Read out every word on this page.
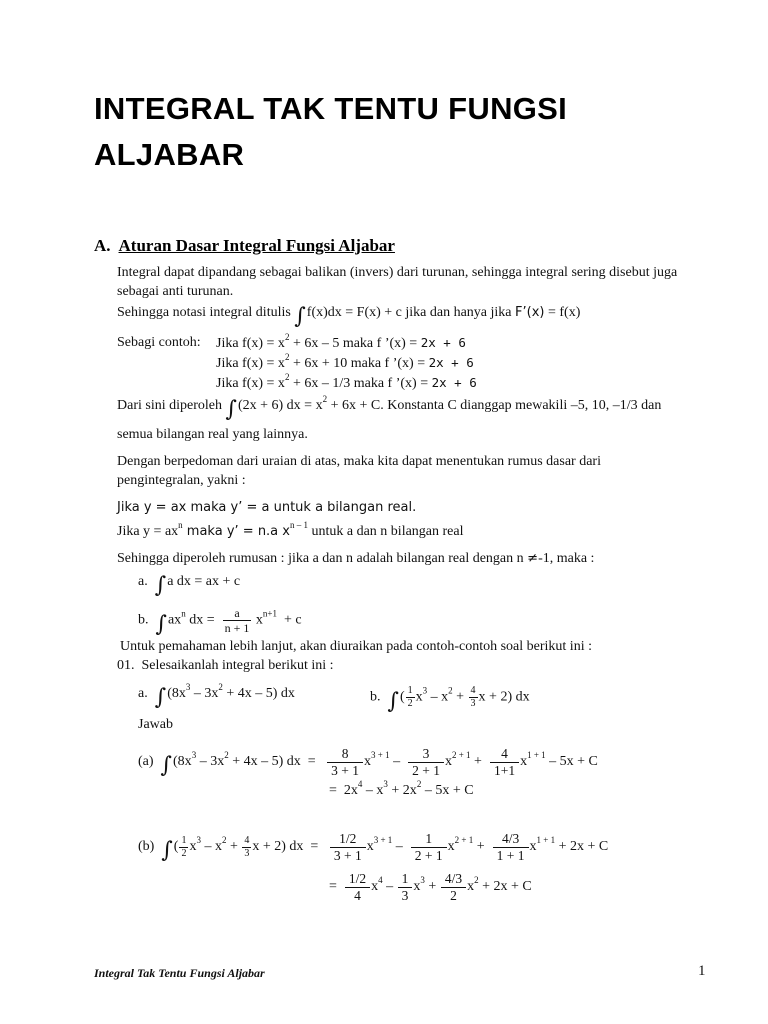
INTEGRAL TAK TENTU FUNGSI ALJABAR
A. Aturan Dasar Integral Fungsi Aljabar
Integral dapat dipandang sebagai balikan (invers) dari turunan, sehingga integral sering disebut juga sebagai anti turunan.
Sehingga notasi integral ditulis ∫f(x)dx = F(x) + c jika dan hanya jika F’(x) = f(x)
Sebagi contoh: Jika $f(x) = x^2 + 6x - 5$ maka f ’(x) = 2x + 6
Jika $f(x) = x^2 + 6x + 10$ maka f ’(x) = 2x + 6
Jika $f(x) = x^2 + 6x - 1/3$ maka f ’(x) = 2x + 6
Dari sini diperoleh ∫(2x + 6) dx = $x^2 + 6x + C$. Konstanta C dianggap mewakili –5, 10, –1/3 dan
semua bilangan real yang lainnya.
Dengan berpedoman dari uraian di atas, maka kita dapat menentukan rumus dasar dari pengintegralan, yakni :
Jika y = ax maka y’ = a untuk a bilangan real.
Jika $y = ax^n$ maka y’ = n.a $x^{n - 1}$ untuk a dan n bilangan real
Sehingga diperoleh rumusan : jika a dan n adalah bilangan real dengan n ≠-1, maka :
a. ∫a dx = ax + c
b. $\int ax^n$ dx = $\frac{a}{n + 1} x^{n+1} + c$
Untuk pemahaman lebih lanjut, akan diuraikan pada contoh-contoh soal berikut ini :
01. Selesaikanlah integral berikut ini :
a. $\int(8x^3 - 3x^2 + 4x - 5)$ dx	b. ∫( $\frac{1}{2} x^3 - x^2 + \frac{4}{3}$ x + 2) dx
Jawab
(a) $\int(8x^3 - 3x^2 + 4x - 5)$ dx  = $\frac{8}{3 + 1} x^{3 + 1} - \frac{3}{2 + 1} x^{2 + 1} + \frac{4}{1+1} x^{1 + 1} - 5x + C$
=  $2x^4 - x^3 + 2x^2 - 5x + C$
(b) ∫( $\frac{1}{2} x^3 - x^2 + \frac{4}{3}$ x + 2) dx  = $\frac{1/2}{3 + 1} x^{3 + 1} - \frac{1}{2 + 1} x^{2 + 1} + \frac{4/3}{1 + 1} x^{1 + 1} + 2x + C$
= $\frac{1/2}{4} x^4 - \frac{1}{3} x^3 + \frac{4/3}{2} x^2 + 2x + C$
Integral Tak Tentu Fungsi Aljabar	1
